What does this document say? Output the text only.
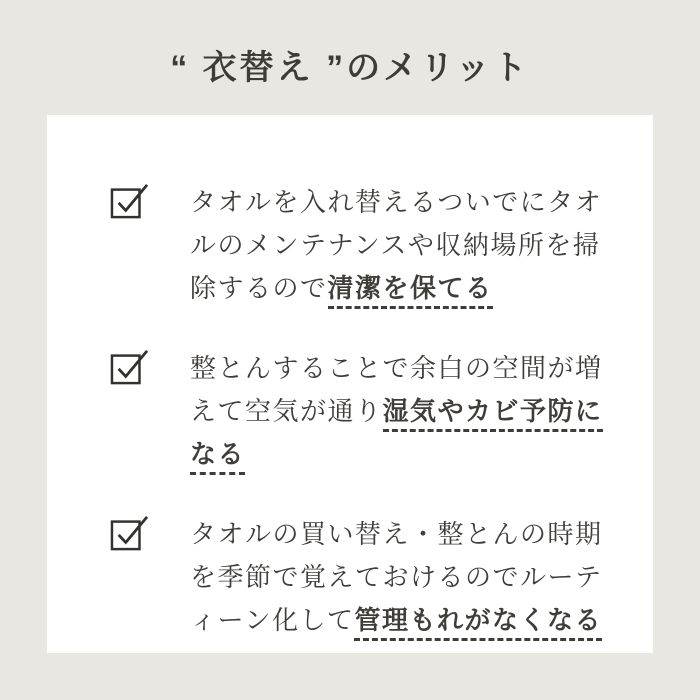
“ 衣替え ”のメリット

タオルを入れ替えるついでにタオルのメンテナンスや収納場所を掃除するので清潔を保てる

整とんすることで余白の空間が増えて空気が通り湿気やカビ予防になる

タオルの買い替え・整とんの時期を季節で覚えておけるのでルーティーン化して管理もれがなくなる
